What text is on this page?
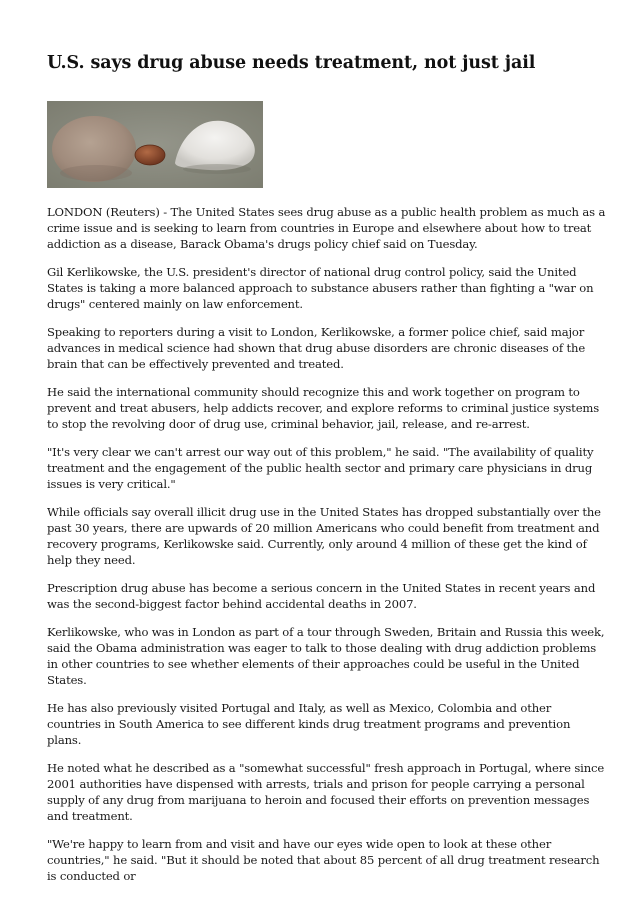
U.S. says drug abuse needs treatment, not just jail

LONDON (Reuters) - The United States sees drug abuse as a public health problem as much as a crime issue and is seeking to learn from countries in Europe and elsewhere about how to treat addiction as a disease, Barack Obama's drugs policy chief said on Tuesday.

Gil Kerlikowske, the U.S. president's director of national drug control policy, said the United States is taking a more balanced approach to substance abusers rather than fighting a "war on drugs" centered mainly on law enforcement.

Speaking to reporters during a visit to London, Kerlikowske, a former police chief, said major advances in medical science had shown that drug abuse disorders are chronic diseases of the brain that can be effectively prevented and treated.

He said the international community should recognize this and work together on program to prevent and treat abusers, help addicts recover, and explore reforms to criminal justice systems to stop the revolving door of drug use, criminal behavior, jail, release, and re-arrest.

"It's very clear we can't arrest our way out of this problem," he said. "The availability of quality treatment and the engagement of the public health sector and primary care physicians in drug issues is very critical."

While officials say overall illicit drug use in the United States has dropped substantially over the past 30 years, there are upwards of 20 million Americans who could benefit from treatment and recovery programs, Kerlikowske said. Currently, only around 4 million of these get the kind of help they need.

Prescription drug abuse has become a serious concern in the United States in recent years and was the second-biggest factor behind accidental deaths in 2007.

Kerlikowske, who was in London as part of a tour through Sweden, Britain and Russia this week, said the Obama administration was eager to talk to those dealing with drug addiction problems in other countries to see whether elements of their approaches could be useful in the United States.

He has also previously visited Portugal and Italy, as well as Mexico, Colombia and other countries in South America to see different kinds drug treatment programs and prevention plans.

He noted what he described as a "somewhat successful" fresh approach in Portugal, where since 2001 authorities have dispensed with arrests, trials and prison for people carrying a personal supply of any drug from marijuana to heroin and focused their efforts on prevention messages and treatment.

"We're happy to learn from and visit and have our eyes wide open to look at these other countries," he said. "But it should be noted that about 85 percent of all drug treatment research is conducted or
